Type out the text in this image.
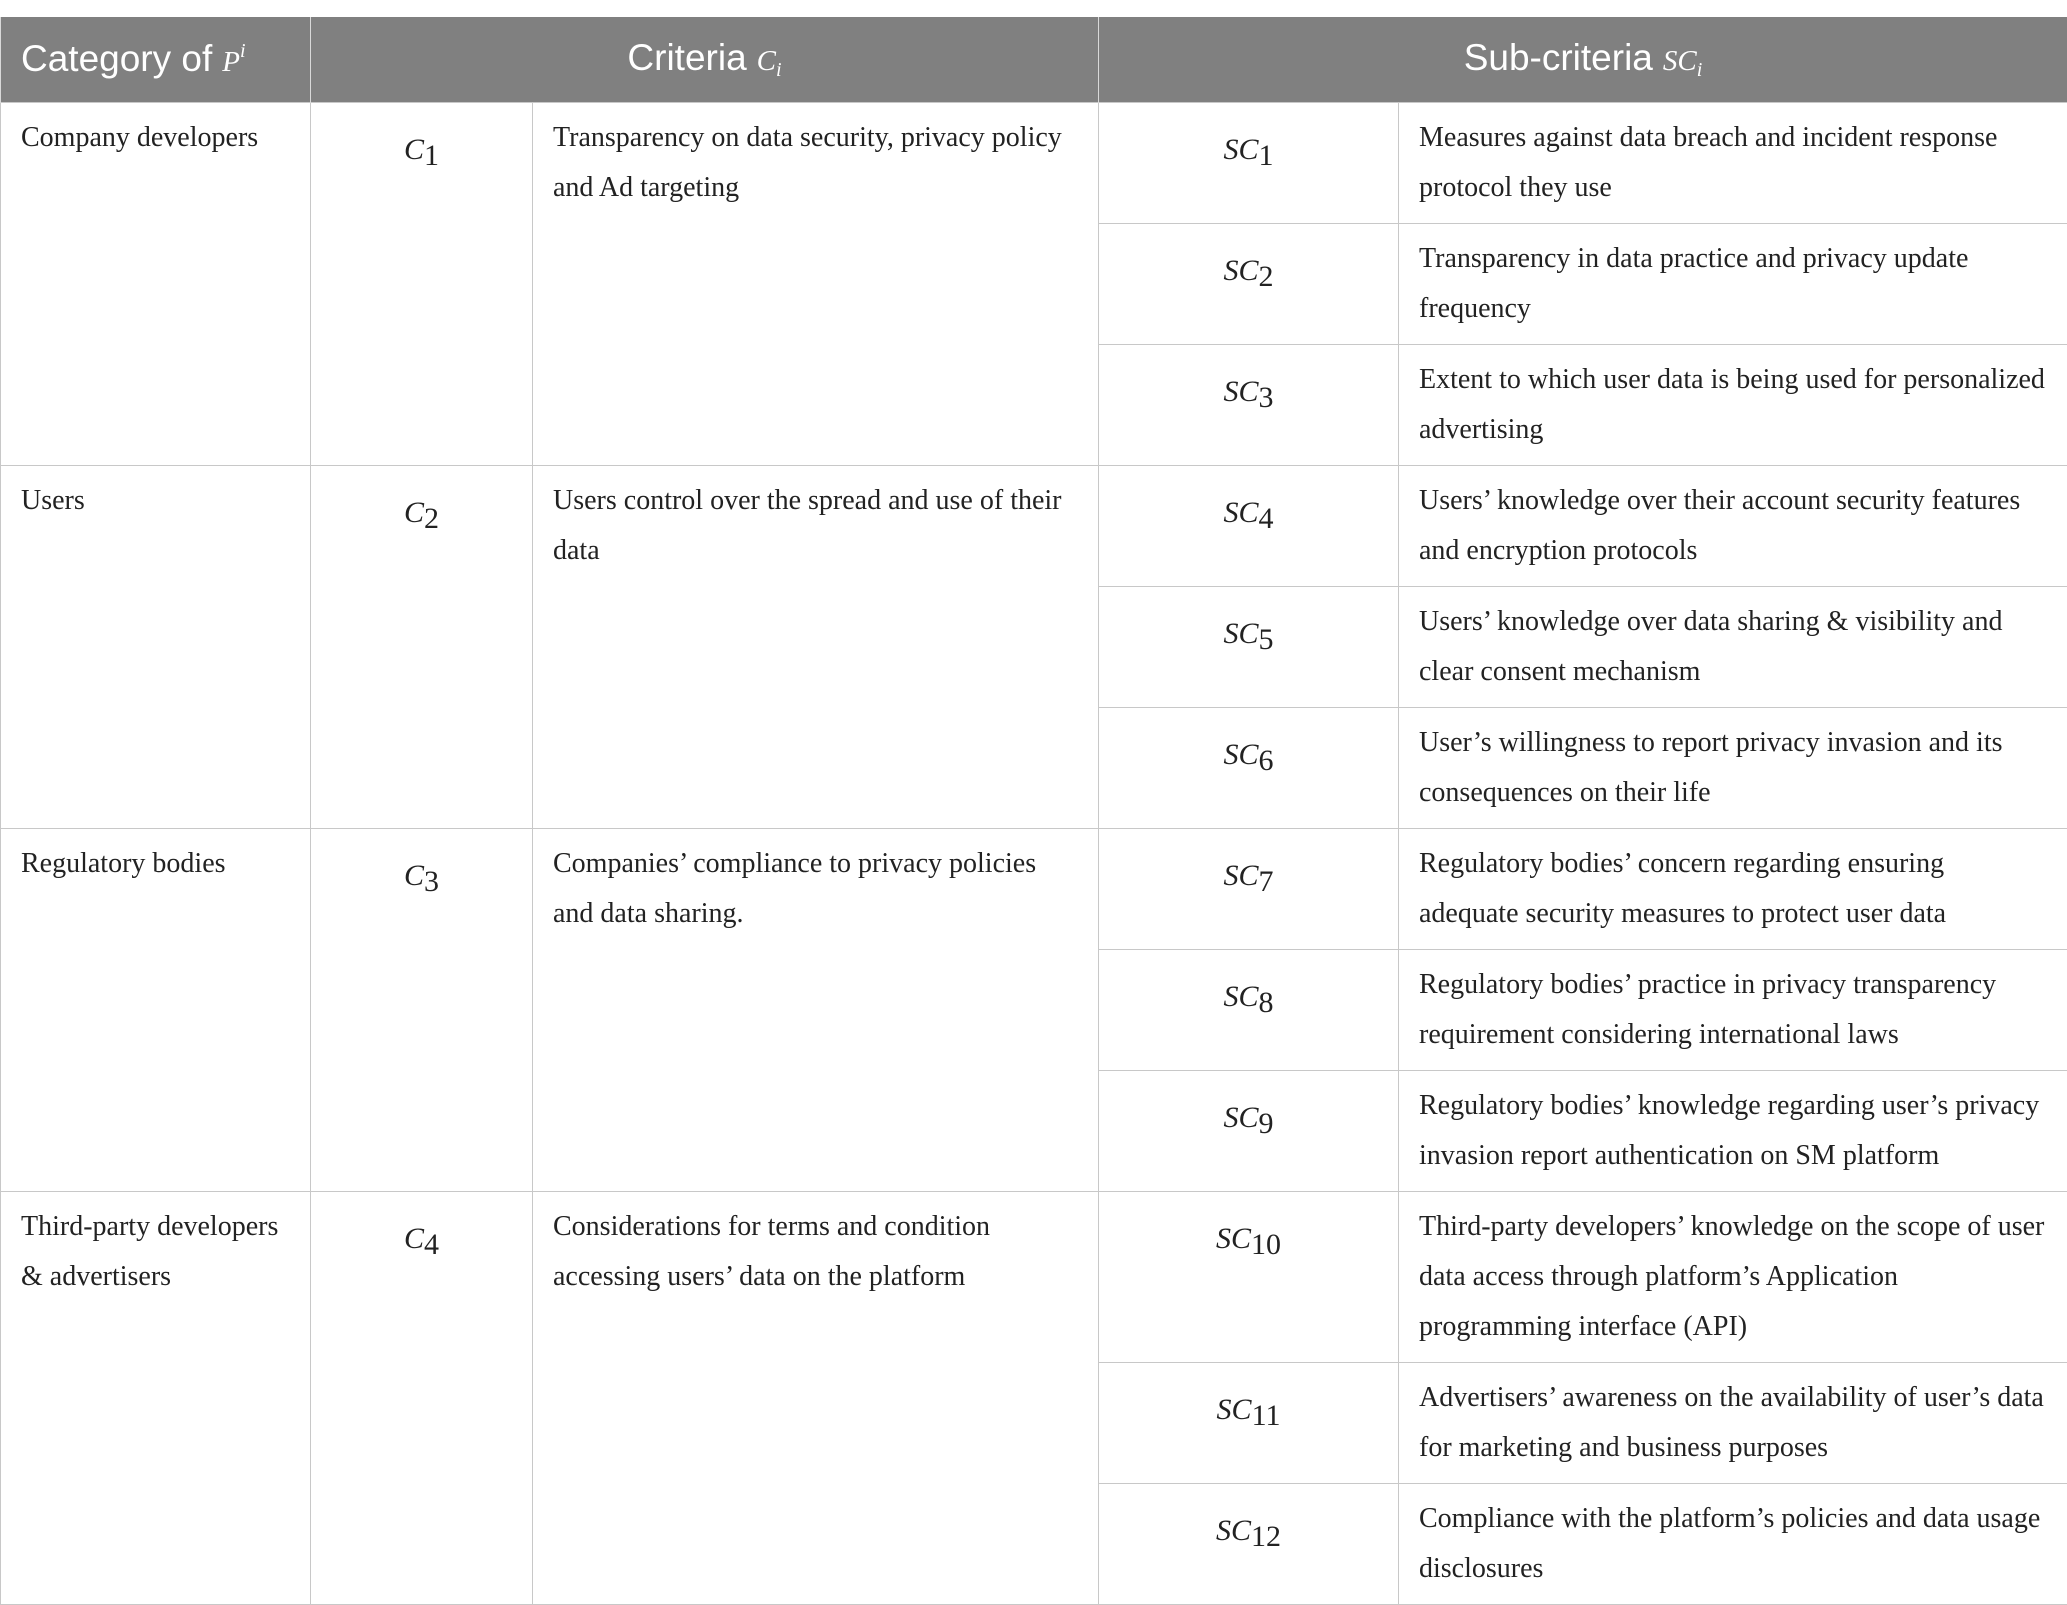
Category of $P^i$	Criteria $C_i$		Sub-criteria $SC_i$
Company developers	C1	Transparency on data security, privacy policy and Ad targeting	SC1	Measures against data breach and incident response protocol they use
			SC2	Transparency in data practice and privacy update frequency
			SC3	Extent to which user data is being used for personalized advertising
Users	C2	Users control over the spread and use of their data	SC4	Users’ knowledge over their account security features and encryption protocols
			SC5	Users’ knowledge over data sharing & visibility and clear consent mechanism
			SC6	User’s willingness to report privacy invasion and its consequences on their life
Regulatory bodies	C3	Companies’ compliance to privacy policies and data sharing.	SC7	Regulatory bodies’ concern regarding ensuring adequate security measures to protect user data
			SC8	Regulatory bodies’ practice in privacy transparency requirement considering international laws
			SC9	Regulatory bodies’ knowledge regarding user’s privacy invasion report authentication on SM platform
Third-party developers & advertisers	C4	Considerations for terms and condition accessing users’ data on the platform	SC10	Third-party developers’ knowledge on the scope of user data access through platform’s Application programming interface (API)
			SC11	Advertisers’ awareness on the availability of user’s data for marketing and business purposes
			SC12	Compliance with the platform’s policies and data usage disclosures
